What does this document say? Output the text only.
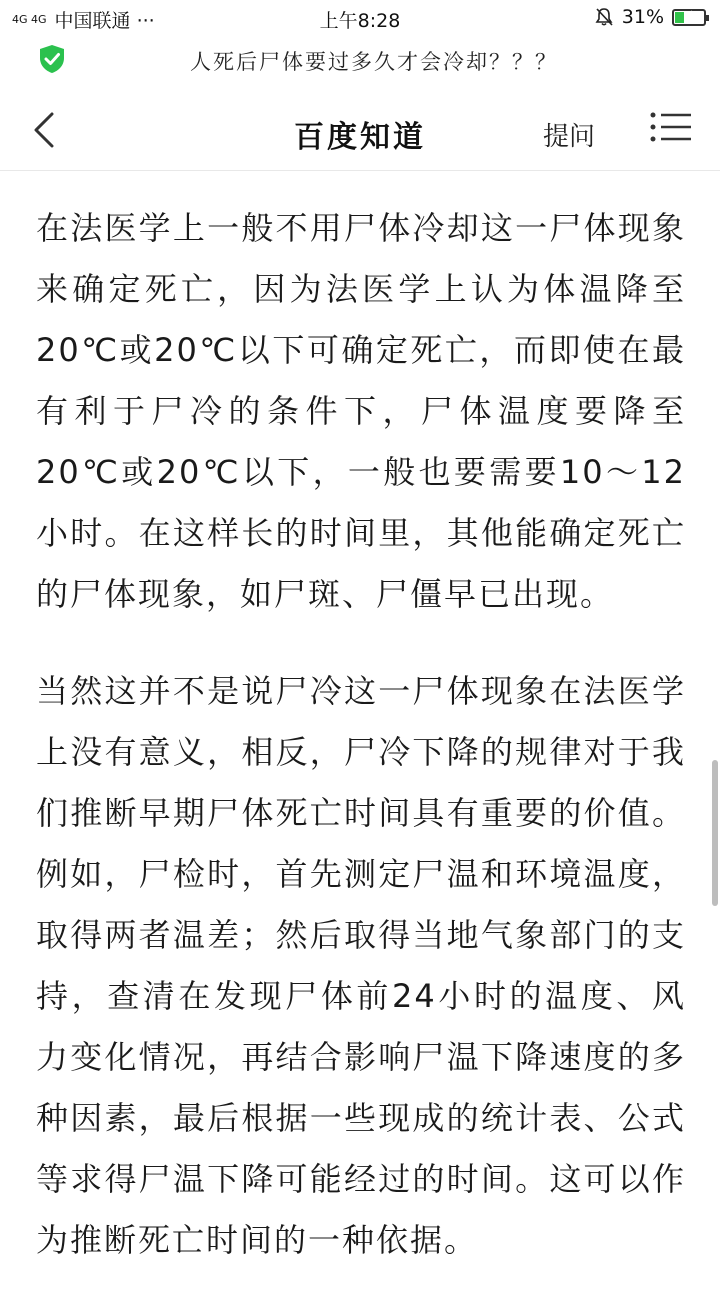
4G 4G 中国联通 ···	上午8:28	31% ⚡
人死后尸体要过多久才会冷却？？？
百度知道	提问

在法医学上一般不用尸体冷却这一尸体现象来确定死亡，因为法医学上认为体温降至20℃或20℃以下可确定死亡，而即使在最有利于尸冷的条件下，尸体温度要降至20℃或20℃以下，一般也要需要10～12小时。在这样长的时间里，其他能确定死亡的尸体现象，如尸斑、尸僵早已出现。

当然这并不是说尸冷这一尸体现象在法医学上没有意义，相反，尸冷下降的规律对于我们推断早期尸体死亡时间具有重要的价值。例如，尸检时，首先测定尸温和环境温度，取得两者温差；然后取得当地气象部门的支持，查清在发现尸体前24小时的温度、风力变化情况，再结合影响尸温下降速度的多种因素，最后根据一些现成的统计表、公式等求得尸温下降可能经过的时间。这可以作为推断死亡时间的一种依据。
